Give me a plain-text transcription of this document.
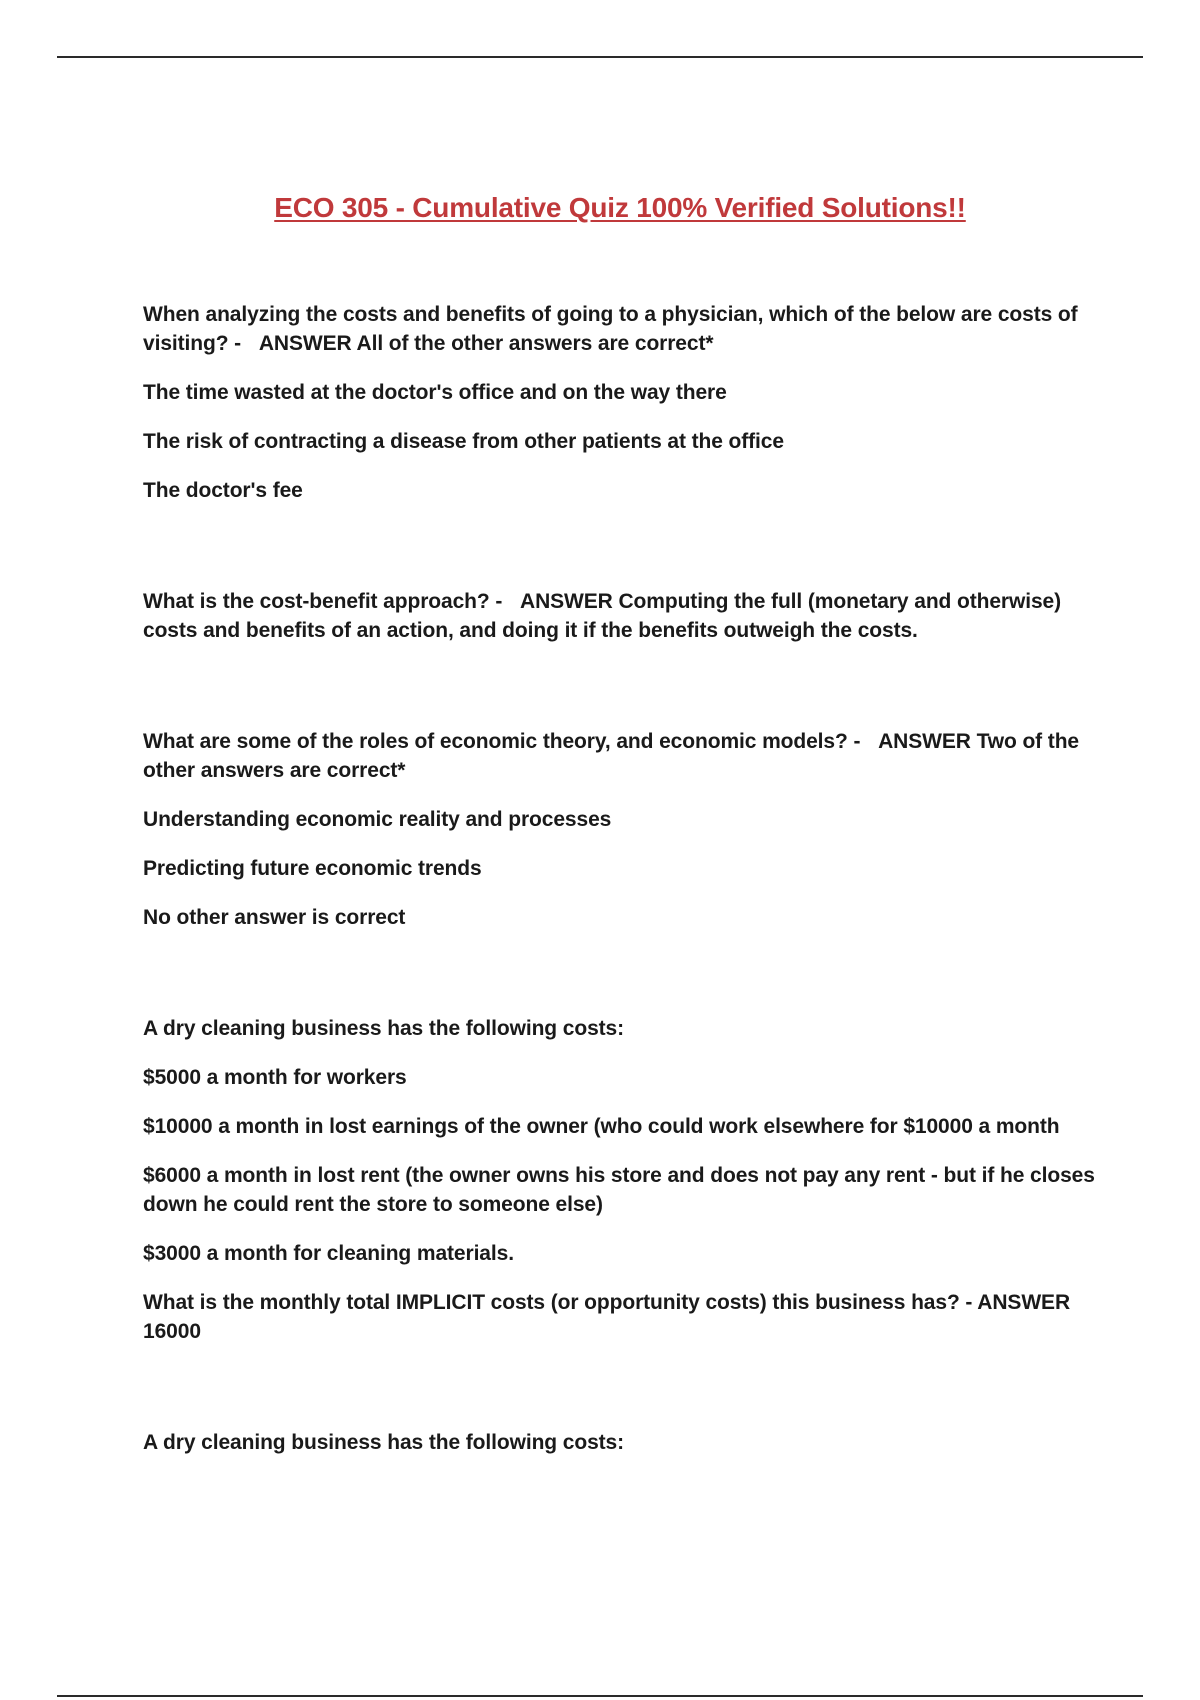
ECO 305 - Cumulative Quiz 100% Verified Solutions!!

When analyzing the costs and benefits of going to a physician, which of the below are costs of visiting? - ANSWER All of the other answers are correct*

The time wasted at the doctor's office and on the way there

The risk of contracting a disease from other patients at the office

The doctor's fee

What is the cost-benefit approach? - ANSWER Computing the full (monetary and otherwise) costs and benefits of an action, and doing it if the benefits outweigh the costs.

What are some of the roles of economic theory, and economic models? - ANSWER Two of the other answers are correct*

Understanding economic reality and processes

Predicting future economic trends

No other answer is correct

A dry cleaning business has the following costs:

$5000 a month for workers

$10000 a month in lost earnings of the owner (who could work elsewhere for $10000 a month

$6000 a month in lost rent (the owner owns his store and does not pay any rent - but if he closes down he could rent the store to someone else)

$3000 a month for cleaning materials.

What is the monthly total IMPLICIT costs (or opportunity costs) this business has? - ANSWER 16000

A dry cleaning business has the following costs:
